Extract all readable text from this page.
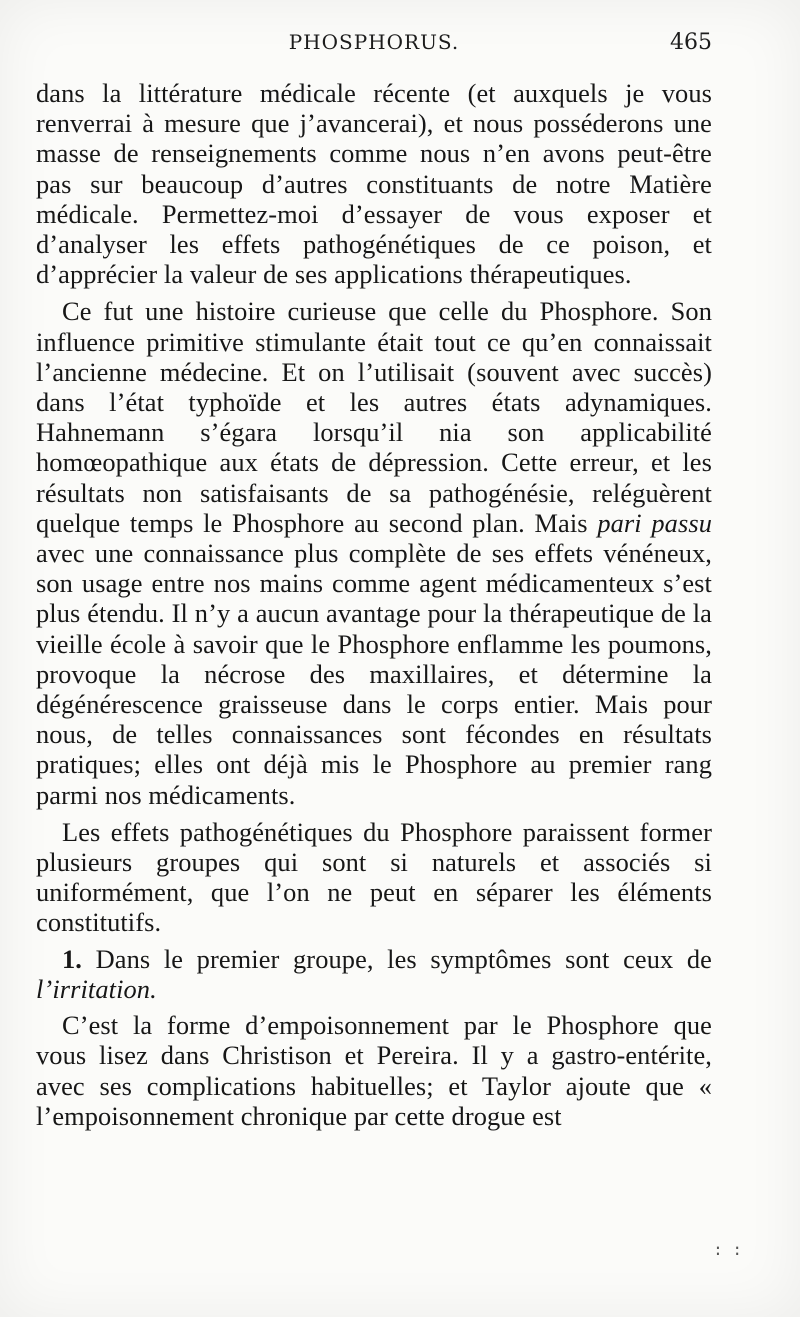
PHOSPHORUS.	465

dans la littérature médicale récente (et auxquels je vous renverrai à mesure que j’avancerai), et nous posséderons une masse de renseignements comme nous n’en avons peut-être pas sur beaucoup d’autres constituants de notre Matière médicale. Permettez-moi d’essayer de vous exposer et d’analyser les effets pathogénétiques de ce poison, et d’apprécier la valeur de ses applications thérapeutiques.

Ce fut une histoire curieuse que celle du Phosphore. Son influence primitive stimulante était tout ce qu’en connaissait l’ancienne médecine. Et on l’utilisait (souvent avec succès) dans l’état typhoïde et les autres états adynamiques. Hahnemann s’égara lorsqu’il nia son applicabilité homœopathique aux états de dépression. Cette erreur, et les résultats non satisfaisants de sa pathogénésie, reléguèrent quelque temps le Phosphore au second plan. Mais pari passu avec une connaissance plus complète de ses effets vénéneux, son usage entre nos mains comme agent médicamenteux s’est plus étendu. Il n’y a aucun avantage pour la thérapeutique de la vieille école à savoir que le Phosphore enflamme les poumons, provoque la nécrose des maxillaires, et détermine la dégénérescence graisseuse dans le corps entier. Mais pour nous, de telles connaissances sont fécondes en résultats pratiques; elles ont déjà mis le Phosphore au premier rang parmi nos médicaments.

Les effets pathogénétiques du Phosphore paraissent former plusieurs groupes qui sont si naturels et associés si uniformément, que l’on ne peut en séparer les éléments constitutifs.

1. Dans le premier groupe, les symptômes sont ceux de l’irritation.

C’est la forme d’empoisonnement par le Phosphore que vous lisez dans Christison et Pereira. Il y a gastro-entérite, avec ses complications habituelles; et Taylor ajoute que « l’empoisonnement chronique par cette drogue est

: :
